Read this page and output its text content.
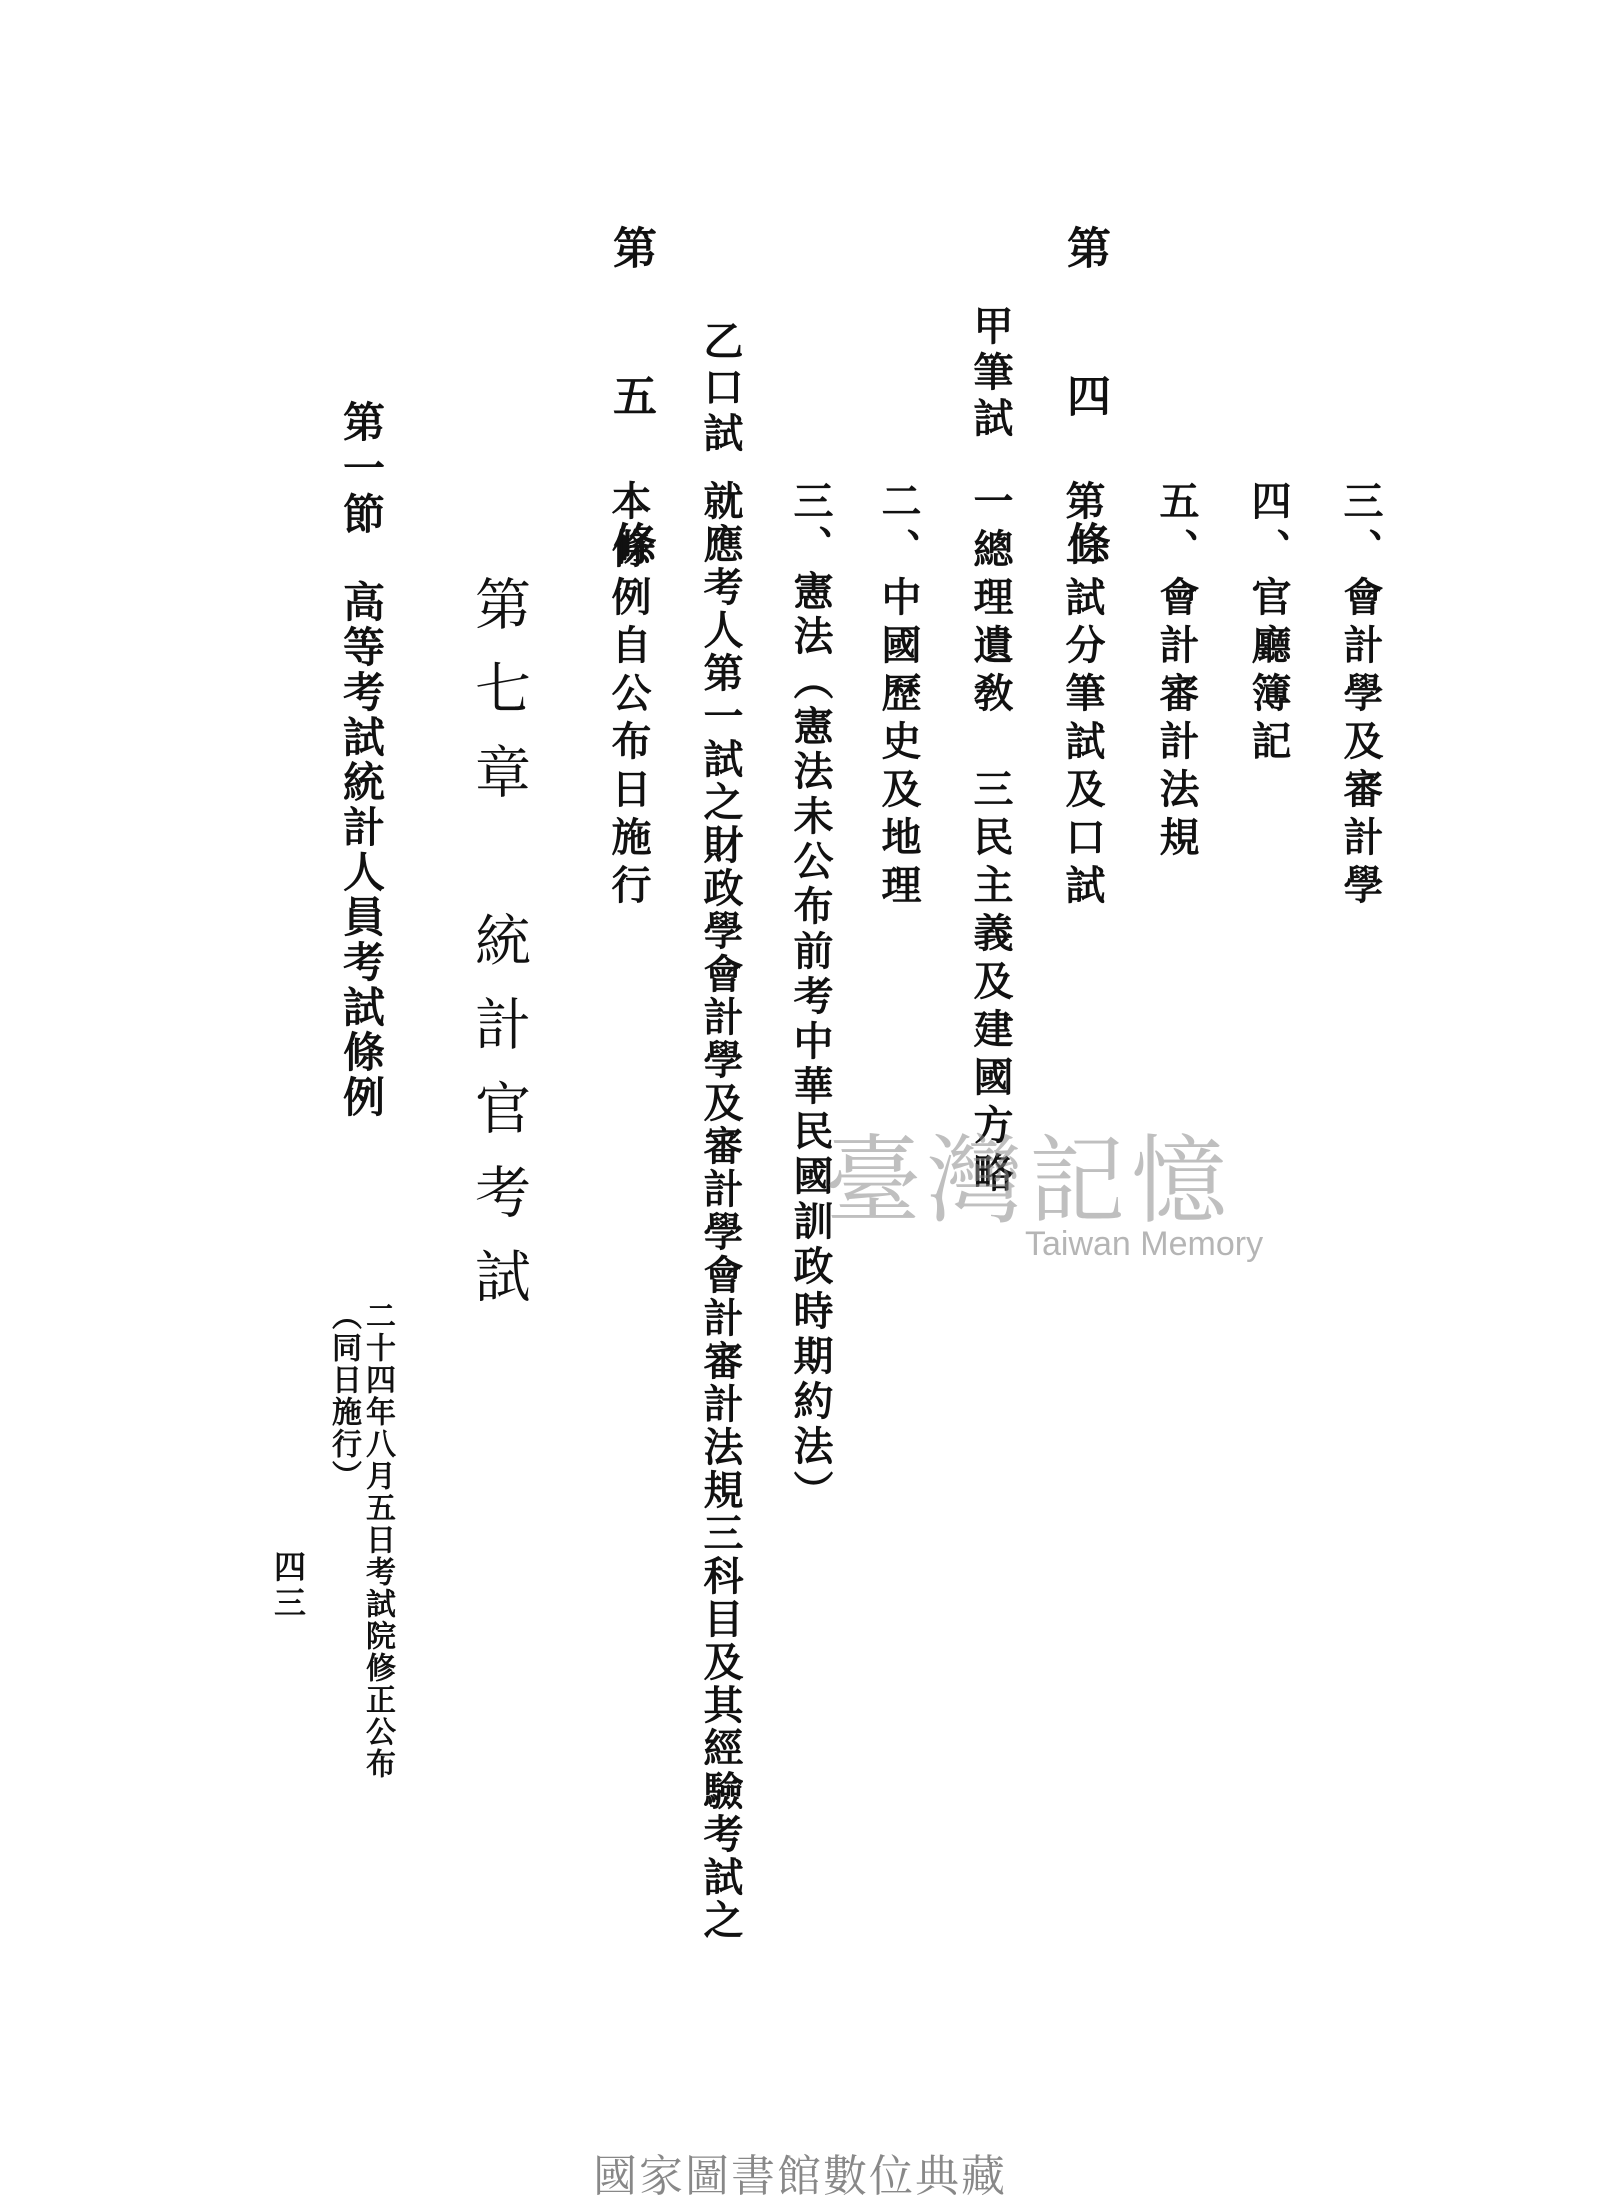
三、會計學及審計學
四、官廳簿記
五、會計審計法規
第　四　條
第二試分筆試及口試
甲筆試
一總理遺敎　三民主義及建國方略
二、中國歷史及地理
三、憲法（憲法未公布前考中華民國訓政時期約法）
乙口試
就應考人第一試之財政學會計學及審計學會計審計法規三科目及其經驗考試之
第　五　條
本條例自公布日施行
第七章　統計官考試
第一節
高等考試統計人員考試條例
二十四年八月五日考試院修正公布
（同日施行）
四三
臺灣記憶
Taiwan Memory
國家圖書館數位典藏
